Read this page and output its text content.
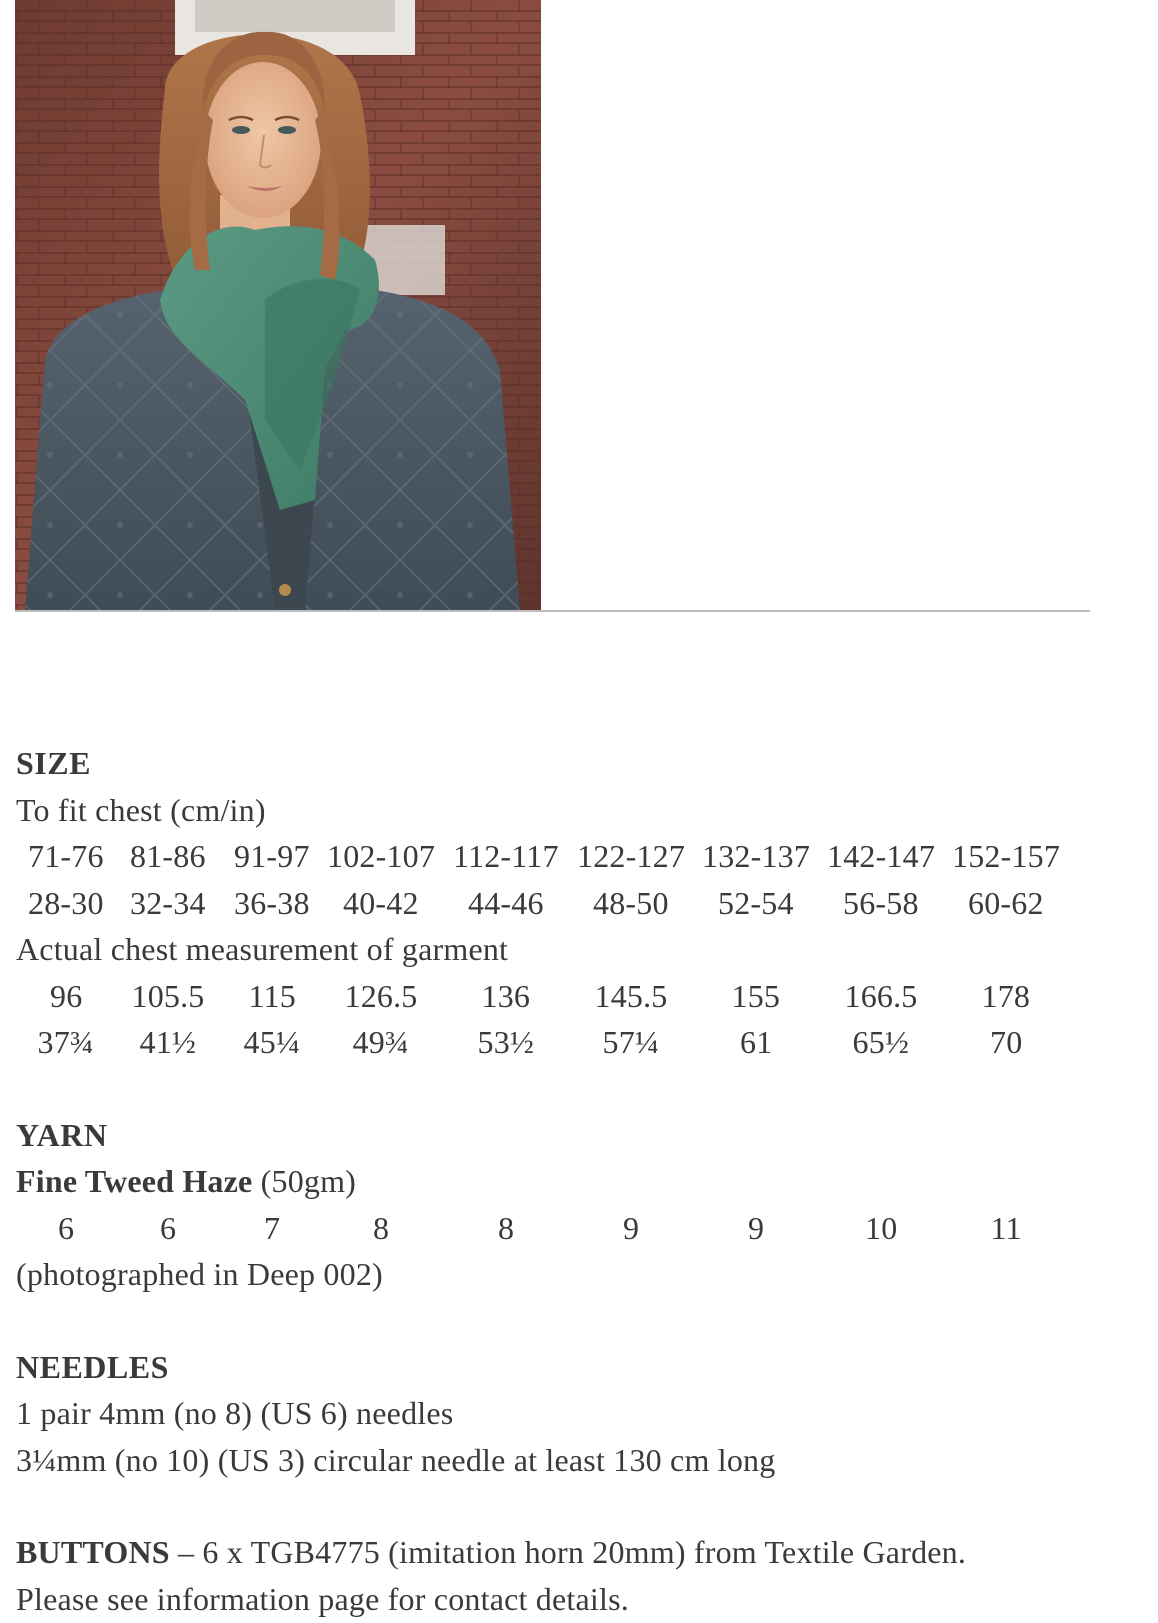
SIZE
To fit chest (cm/in)
71-76 81-86 91-97 102-107 112-117 122-127 132-137 142-147 152-157
28-30 32-34 36-38 40-42 44-46 48-50 52-54 56-58 60-62
Actual chest measurement of garment
96 105.5 115 126.5 136 145.5 155 166.5 178
37¾ 41½ 45¼ 49¾ 53½ 57¼	61	65½	70
YARN
Fine Tweed Haze (50gm)
6	6	7	8	8	9	9	10	11
(photographed in Deep 002)
NEEDLES
1 pair 4mm (no 8) (US 6) needles
3¼mm (no 10) (US 3) circular needle at least 130 cm long
BUTTONS – 6 x TGB4775 (imitation horn 20mm) from Textile Garden.
Please see information page for contact details.
